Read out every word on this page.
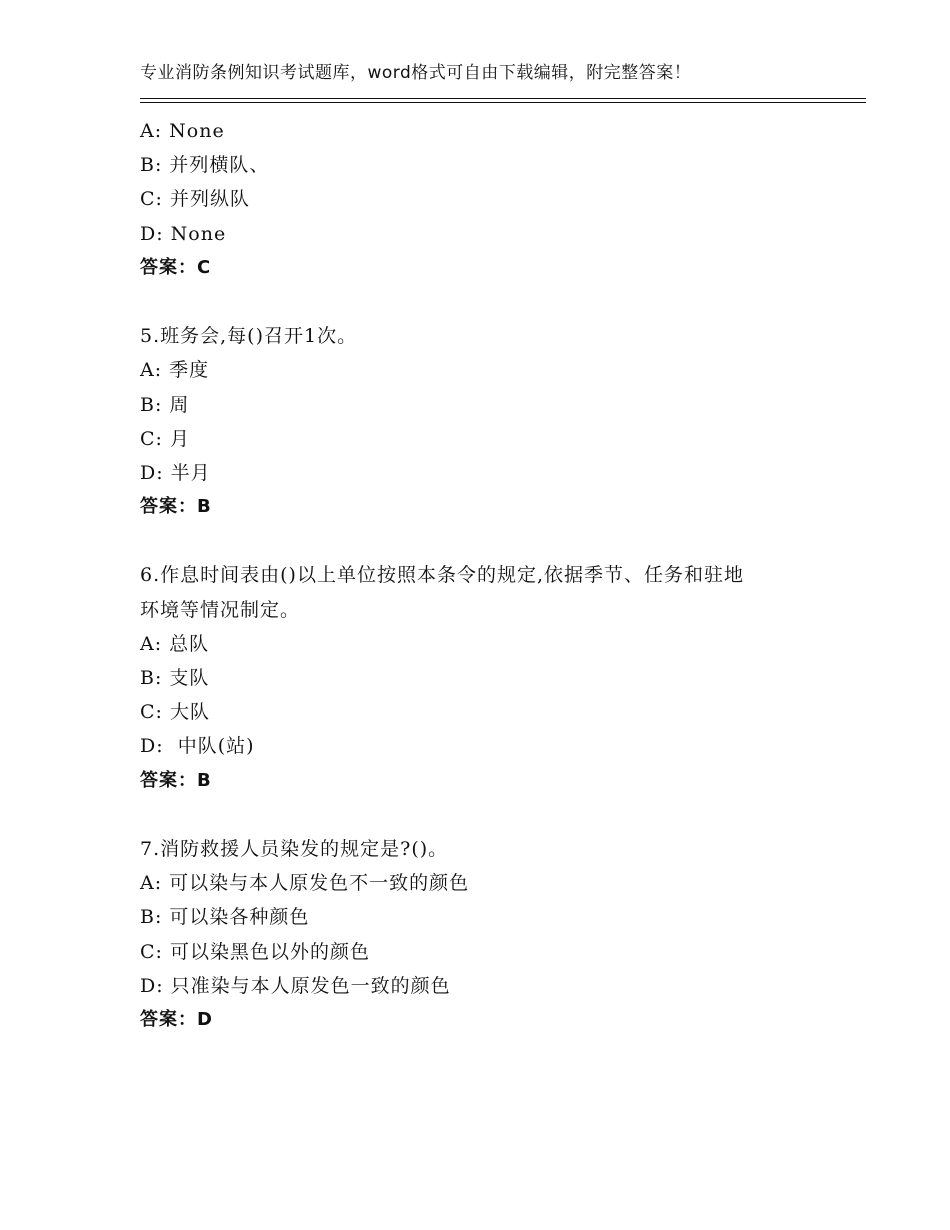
专业消防条例知识考试题库，word格式可自由下载编辑，附完整答案！
A: None
B: 并列横队、
C: 并列纵队
D: None
答案：C
5.班务会,每()召开1次。
A: 季度
B: 周
C: 月
D: 半月
答案：B
6.作息时间表由()以上单位按照本条令的规定,依据季节、任务和驻地
环境等情况制定。
A: 总队
B: 支队
C: 大队
D:  中队(站)
答案：B
7.消防救援人员染发的规定是?()。
A: 可以染与本人原发色不一致的颜色
B: 可以染各种颜色
C: 可以染黑色以外的颜色
D: 只准染与本人原发色一致的颜色
答案：D
